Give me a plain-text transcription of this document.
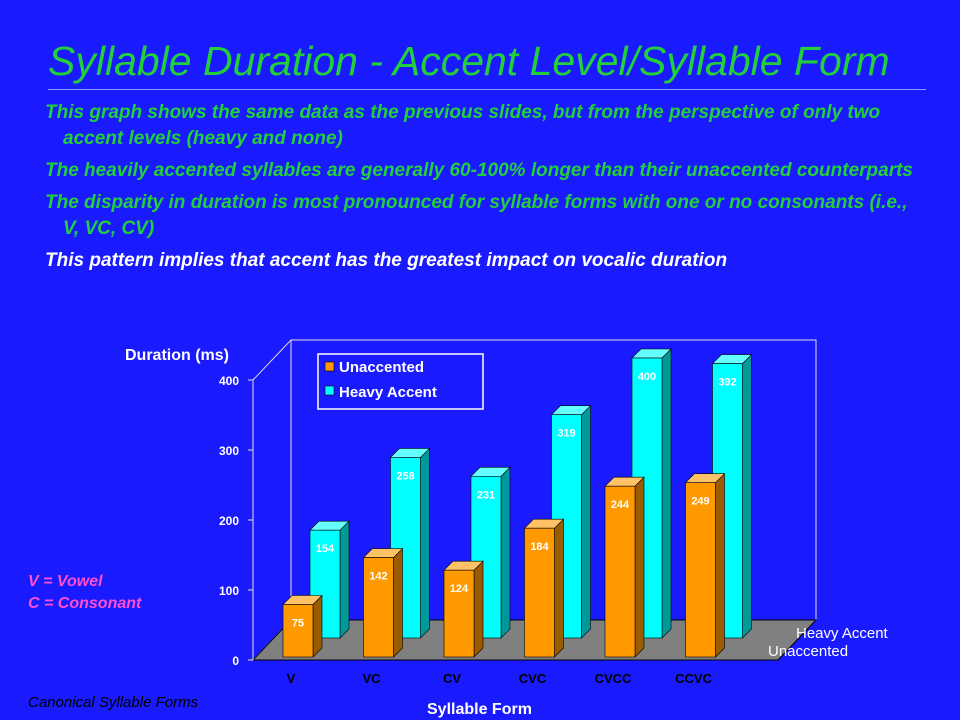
Syllable Duration - Accent Level/Syllable Form

This graph shows the same data as the previous slides, but from the perspective of only two accent levels (heavy and none)

The heavily accented syllables are generally 60-100% longer than their unaccented counterparts

The disparity in duration is most pronounced for syllable forms with one or no consonants (i.e., V, VC, CV)

This pattern implies that accent has the greatest impact on vocalic duration

0
100
200
300
400
154
75
V
258
142
VC
231
124
CV
319
184
CVC
400
244
CVCC
392
249
CCVC
Duration (ms)
Syllable Form
Heavy Accent
Unaccented
Unaccented
Heavy Accent
V = Vowel
C = Consonant
Canonical Syllable Forms
